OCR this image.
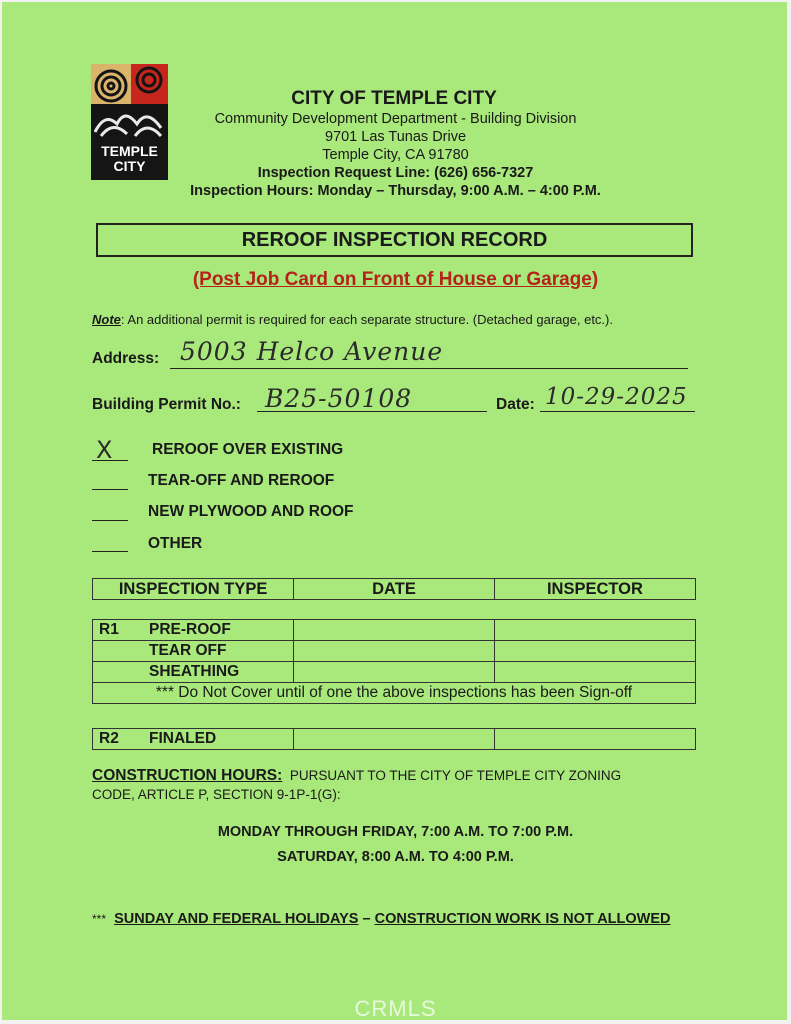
TEMPLE
CITY
CITY OF TEMPLE CITY
Community Development Department - Building Division
9701 Las Tunas Drive
Temple City, CA 91780
Inspection Request Line: (626) 656-7327
Inspection Hours: Monday – Thursday, 9:00 A.M. – 4:00 P.M.
REROOF INSPECTION RECORD
(Post Job Card on Front of House or Garage)
Note: An additional permit is required for each separate structure. (Detached garage, etc.).
Address: 5003 Helco Avenue
Building Permit No.: B25-50108	Date: 10-29-2025
X	REROOF OVER EXISTING
TEAR-OFF AND REROOF
NEW PLYWOOD AND ROOF
OTHER
INSPECTION TYPE	DATE	INSPECTOR
R1 PRE-ROOF		
TEAR OFF		
SHEATHING		
*** Do Not Cover until of one the above inspections has been Sign-off		
R2 FINALED		
CONSTRUCTION HOURS: PURSUANT TO THE CITY OF TEMPLE CITY ZONING
CODE, ARTICLE P, SECTION 9-1P-1(G):
MONDAY THROUGH FRIDAY, 7:00 A.M. TO 7:00 P.M.
SATURDAY, 8:00 A.M. TO 4:00 P.M.
*** SUNDAY AND FEDERAL HOLIDAYS – CONSTRUCTION WORK IS NOT ALLOWED
CRMLS
